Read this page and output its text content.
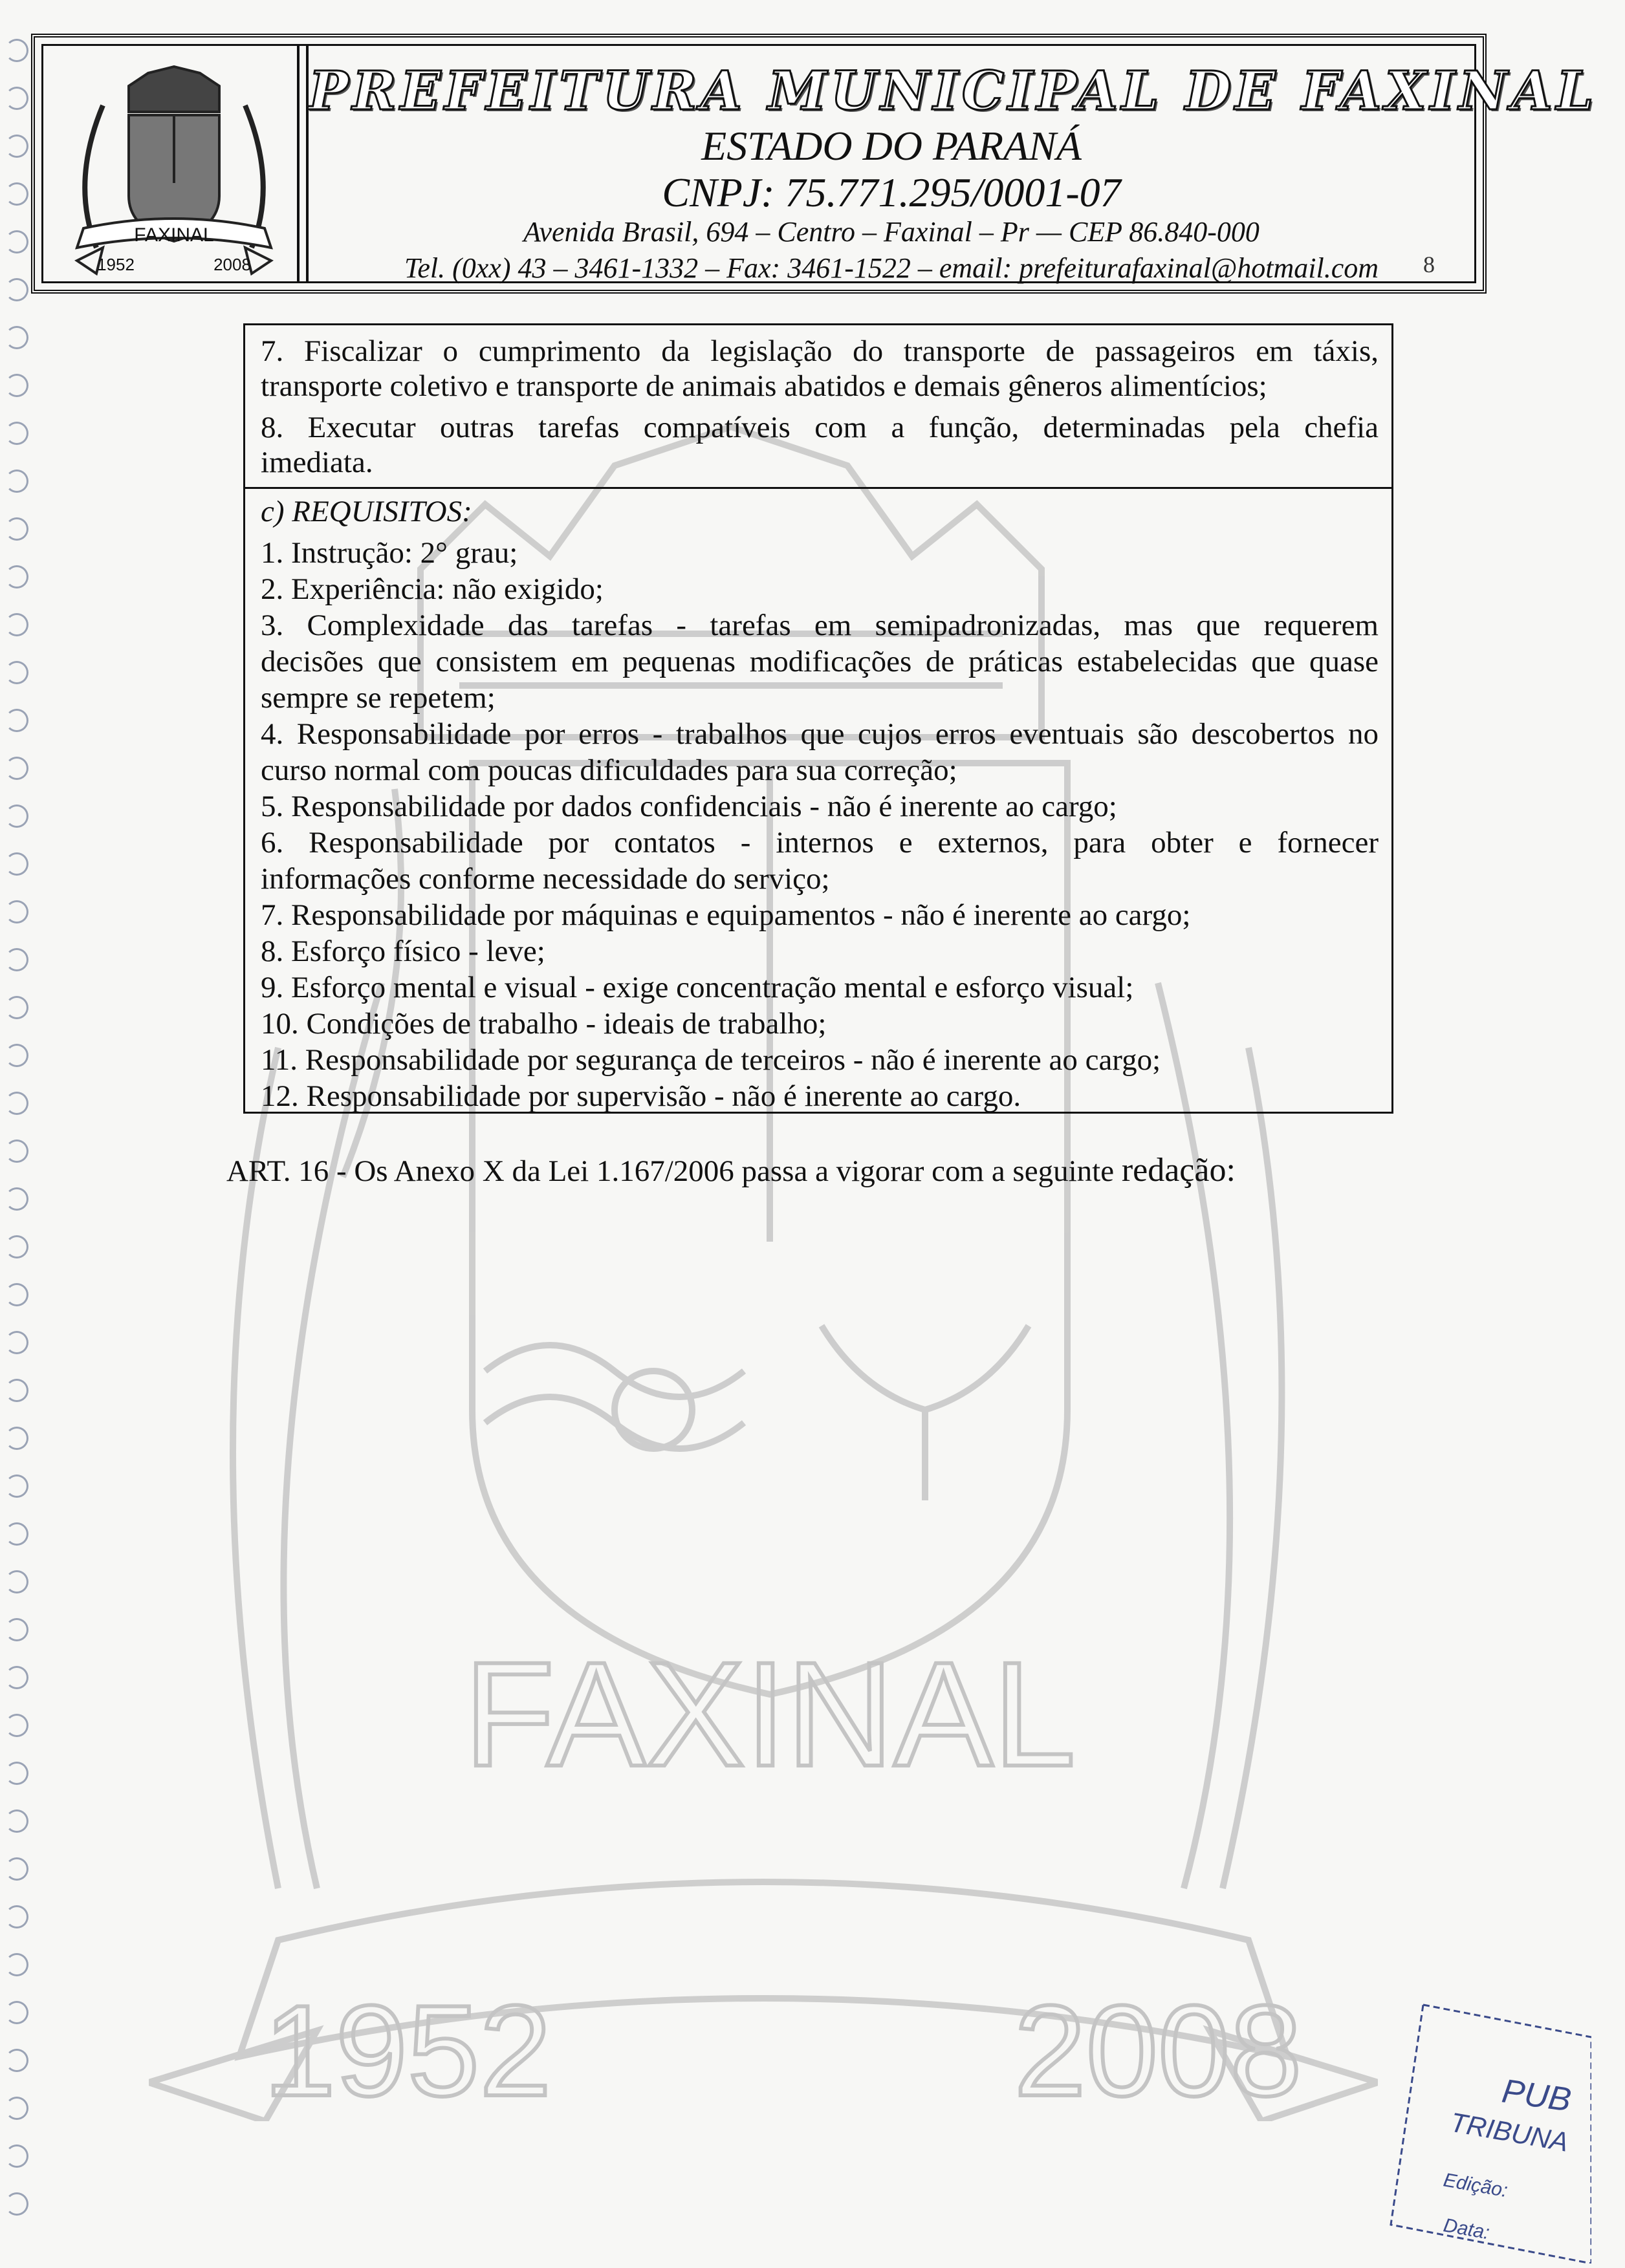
FAXINAL
1952	2008
FAXINAL
1952	2008
PREFEITURA MUNICIPAL DE FAXINAL
ESTADO DO PARANÁ
CNPJ: 75.771.295/0001-07
Avenida Brasil, 694 – Centro – Faxinal – Pr — CEP 86.840-000
Tel. (0xx) 43 – 3461-1332 – Fax: 3461-1522 – email: prefeiturafaxinal@hotmail.com	8
7. Fiscalizar o cumprimento da legislação do transporte de passageiros em táxis,
transporte coletivo e transporte de animais abatidos e demais gêneros alimentícios;
8. Executar outras tarefas compatíveis com a função, determinadas pela chefia
imediata.
c) REQUISITOS:
1. Instrução: 2° grau;
2. Experiência: não exigido;
3. Complexidade das tarefas - tarefas em semipadronizadas, mas que requerem
decisões que consistem em pequenas modificações de práticas estabelecidas que quase
sempre se repetem;
4. Responsabilidade por erros - trabalhos que cujos erros eventuais são descobertos no
curso normal com poucas dificuldades para sua correção;
5. Responsabilidade por dados confidenciais - não é inerente ao cargo;
6. Responsabilidade por contatos - internos e externos, para obter e fornecer
informações conforme necessidade do serviço;
7. Responsabilidade por máquinas e equipamentos - não é inerente ao cargo;
8. Esforço físico - leve;
9. Esforço mental e visual - exige concentração mental e esforço visual;
10. Condições de trabalho - ideais de trabalho;
11. Responsabilidade por segurança de terceiros - não é inerente ao cargo;
12. Responsabilidade por supervisão - não é inerente ao cargo.
ART. 16 - Os Anexo X da Lei 1.167/2006 passa a vigorar com a seguinte redação:
PUB
TRIBUNA
Edição:
Data:
